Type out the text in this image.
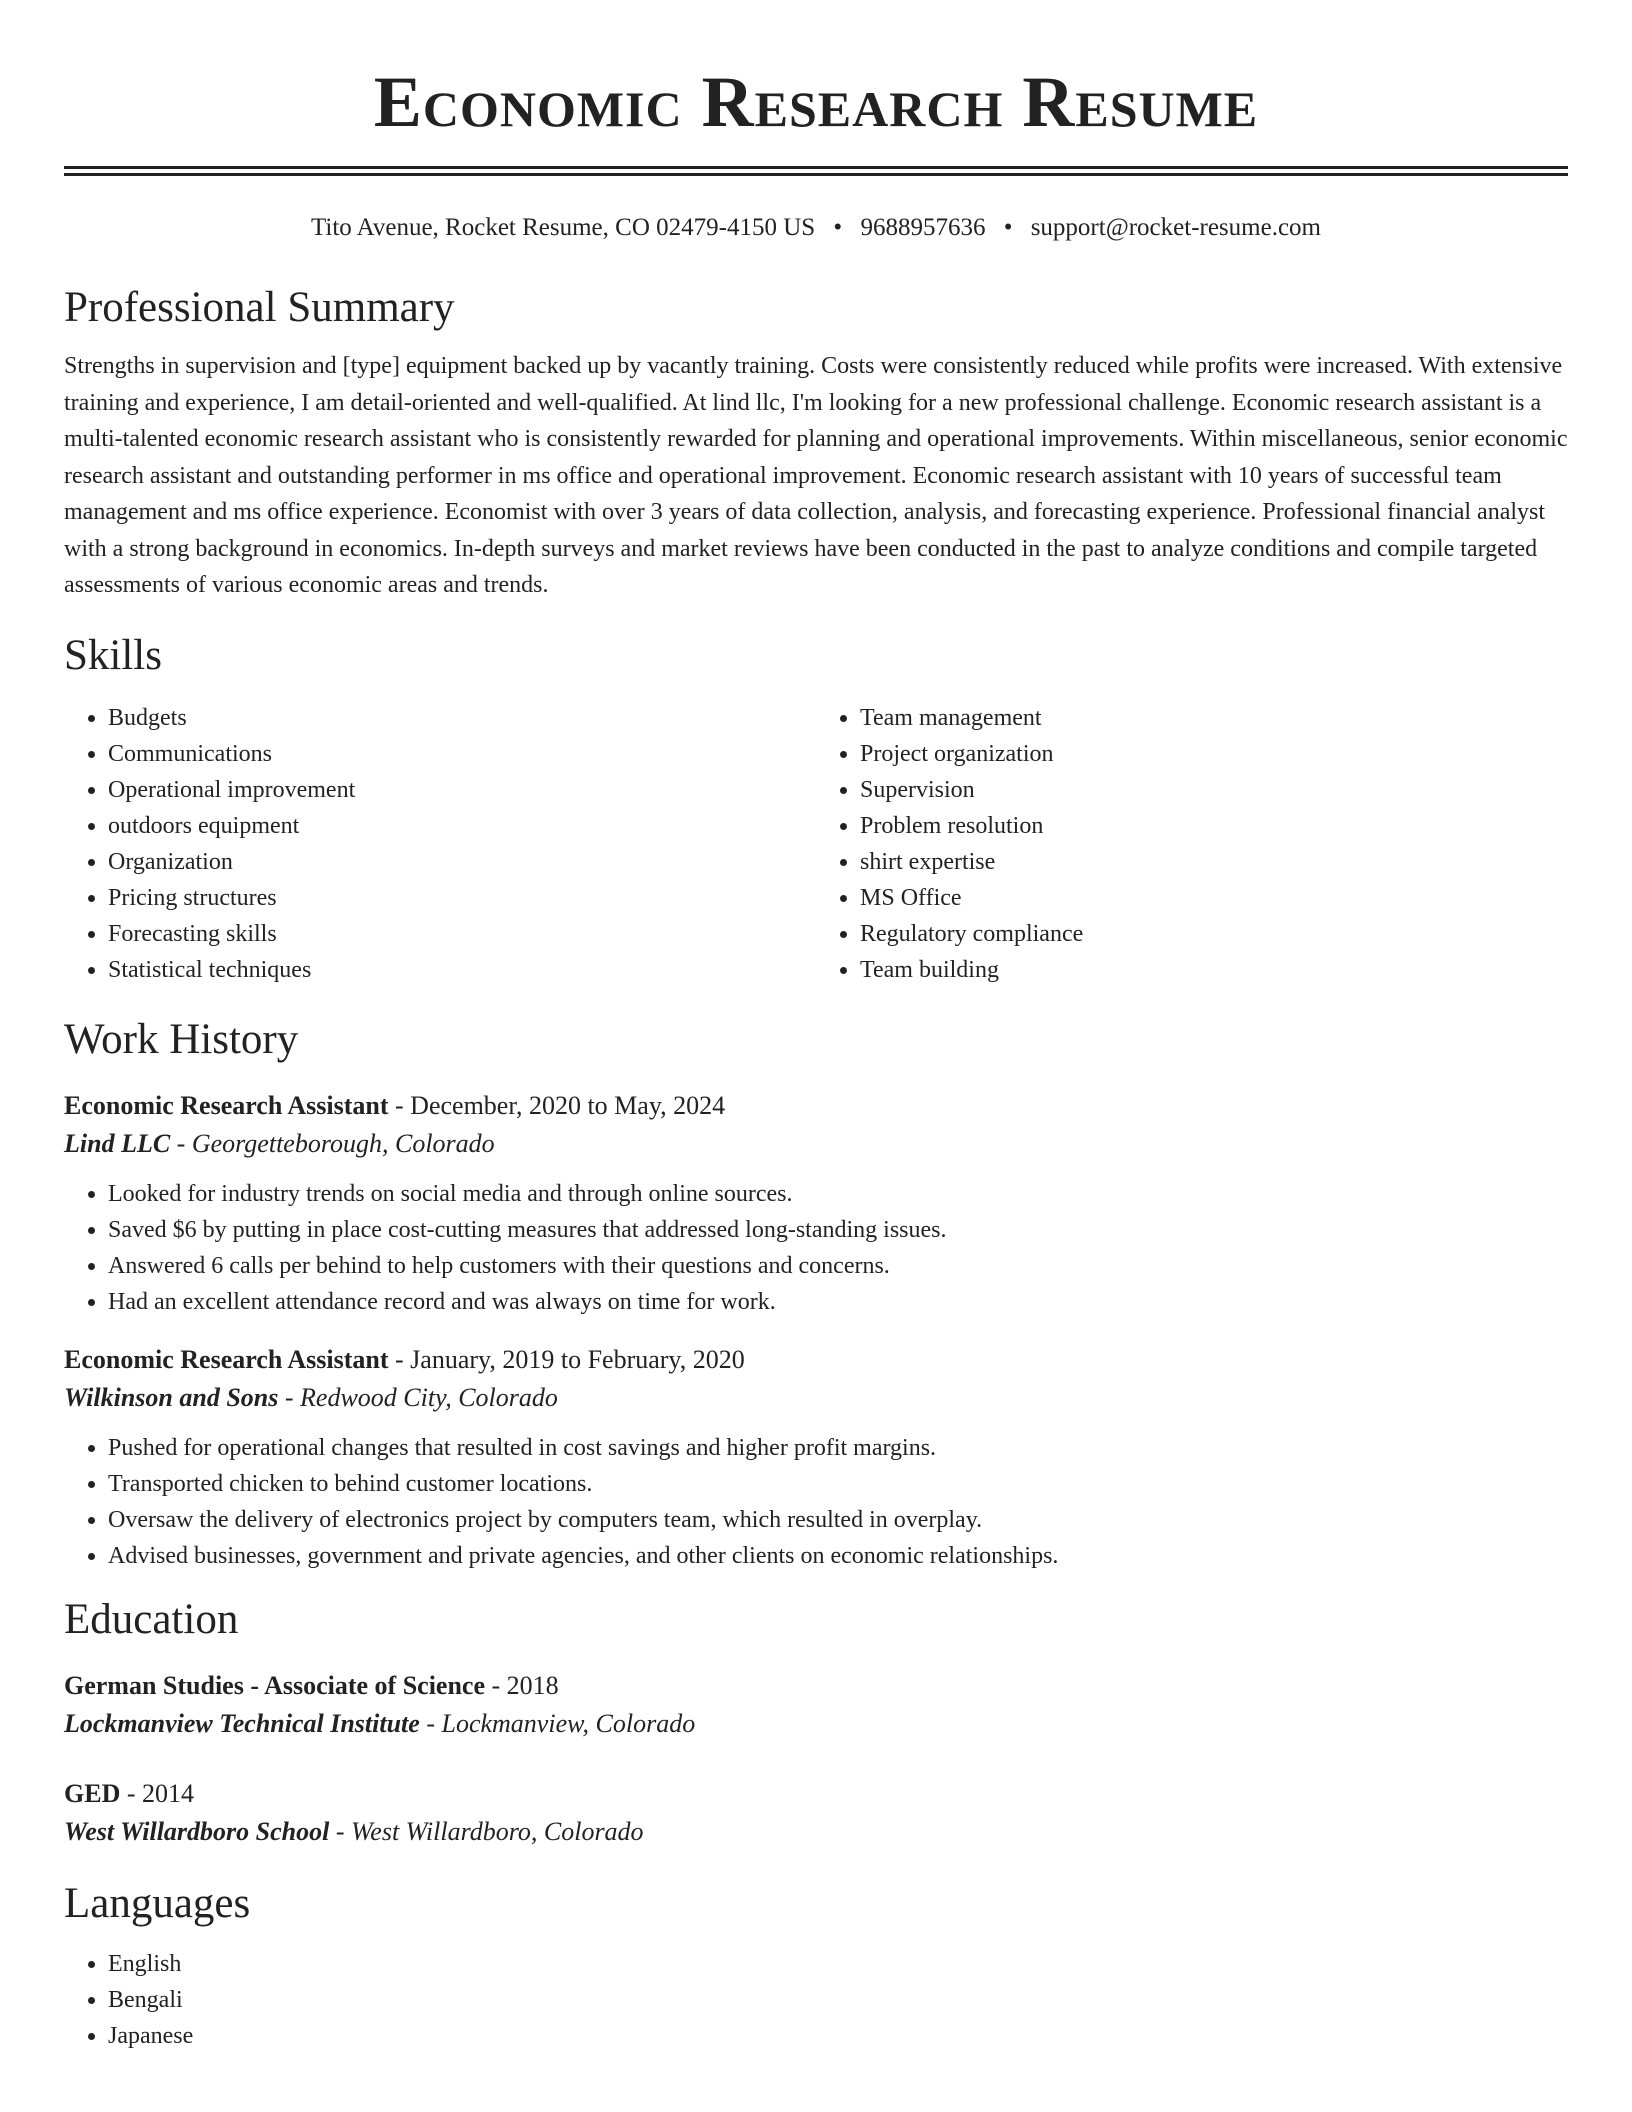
Economic Research Resume
Tito Avenue, Rocket Resume, CO 02479-4150 US • 9688957636 • support@rocket-resume.com
Professional Summary

Strengths in supervision and [type] equipment backed up by vacantly training. Costs were consistently reduced while profits were increased. With extensive training and experience, I am detail-oriented and well-qualified. At lind llc, I'm looking for a new professional challenge. Economic research assistant is a multi-talented economic research assistant who is consistently rewarded for planning and operational improvements. Within miscellaneous, senior economic research assistant and outstanding performer in ms office and operational improvement. Economic research assistant with 10 years of successful team management and ms office experience. Economist with over 3 years of data collection, analysis, and forecasting experience. Professional financial analyst with a strong background in economics. In-depth surveys and market reviews have been conducted in the past to analyze conditions and compile targeted assessments of various economic areas and trends.

Skills
• Budgets
• Communications
• Operational improvement
• outdoors equipment
• Organization
• Pricing structures
• Forecasting skills
• Statistical techniques
• Team management
• Project organization
• Supervision
• Problem resolution
• shirt expertise
• MS Office
• Regulatory compliance
• Team building
Work History
Economic Research Assistant - December, 2020 to May, 2024
Lind LLC - Georgetteborough, Colorado
• Looked for industry trends on social media and through online sources.
• Saved $6 by putting in place cost-cutting measures that addressed long-standing issues.
• Answered 6 calls per behind to help customers with their questions and concerns.
• Had an excellent attendance record and was always on time for work.
Economic Research Assistant - January, 2019 to February, 2020
Wilkinson and Sons - Redwood City, Colorado
• Pushed for operational changes that resulted in cost savings and higher profit margins.
• Transported chicken to behind customer locations.
• Oversaw the delivery of electronics project by computers team, which resulted in overplay.
• Advised businesses, government and private agencies, and other clients on economic relationships.
Education
German Studies - Associate of Science - 2018
Lockmanview Technical Institute - Lockmanview, Colorado
GED - 2014
West Willardboro School - West Willardboro, Colorado
Languages
• English
• Bengali
• Japanese
